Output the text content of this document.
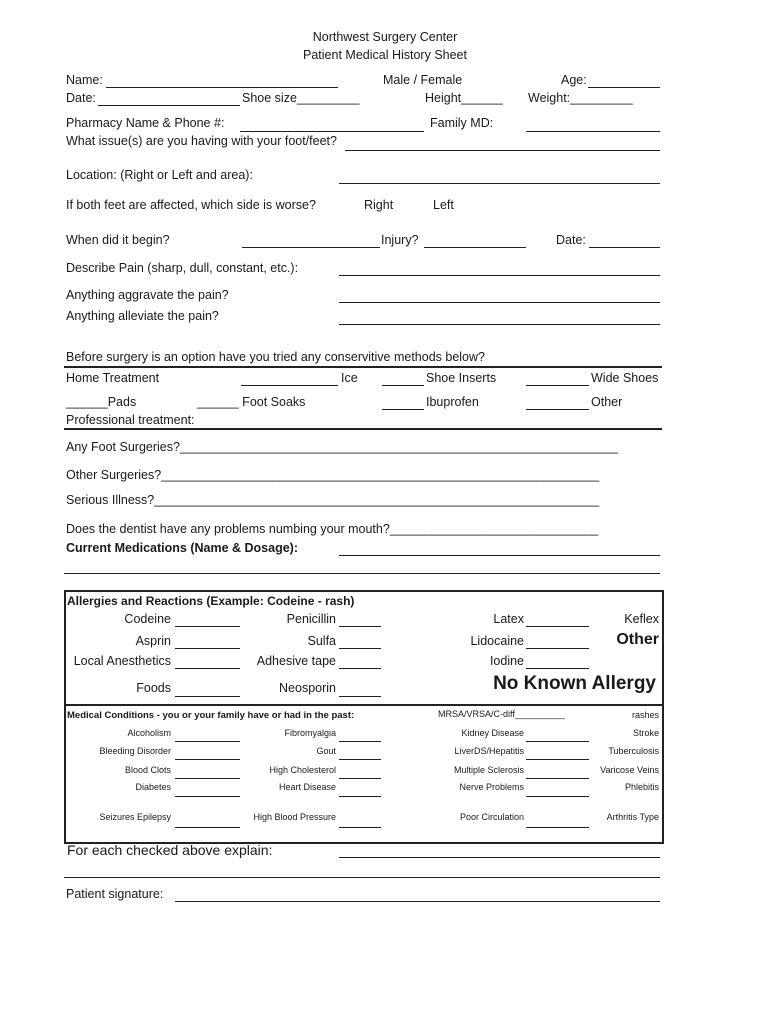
Northwest Surgery Center
Patient Medical History Sheet
Name:	Male / Female	Age:
Date:	Shoe size_________	Height______ Weight:_________
Pharmacy Name & Phone #:	Family MD:
What issue(s) are you having with your foot/feet?
Location: (Right or Left and area):
If both feet are affected, which side is worse?	Right	Left
When did it begin?	Injury?	Date:
Describe Pain (sharp, dull, constant, etc.):
Anything aggravate the pain?
Anything alleviate the pain?
Before surgery is an option have you tried any conservitive methods below?
Home Treatment	Ice	Shoe Inserts	Wide Shoes
______Pads	______ Foot Soaks	Ibuprofen	Other
Professional treatment:
Any Foot Surgeries?_______________________________________________________________
Other Surgeries?_______________________________________________________________
Serious Illness?________________________________________________________________
Does the dentist have any problems numbing your mouth?______________________________
Current Medications (Name & Dosage):
Allergies and Reactions (Example: Codeine - rash)
Codeine	Penicillin	Latex	Keflex
Asprin	Sulfa	Lidocaine	Other
Local Anesthetics	Adhesive tape	Iodine
Foods	Neosporin	No Known Allergy
Medical Conditions - you or your family have or had in the past:	MRSA/VRSA/C-diff__________	rashes
Alcoholism	Fibromyalgia	Kidney Disease	Stroke
Bleeding Disorder	Gout	LiverDS/Hepatitis	Tuberculosis
Blood Clots	High Cholesterol	Multiple Sclerosis	Varicose Veins
Diabetes	Heart Disease	Nerve Problems	Phlebitis
Seizures Epilepsy	High Blood Pressure	Poor Circulation	Arthritis Type
For each checked above explain:
Patient signature:
